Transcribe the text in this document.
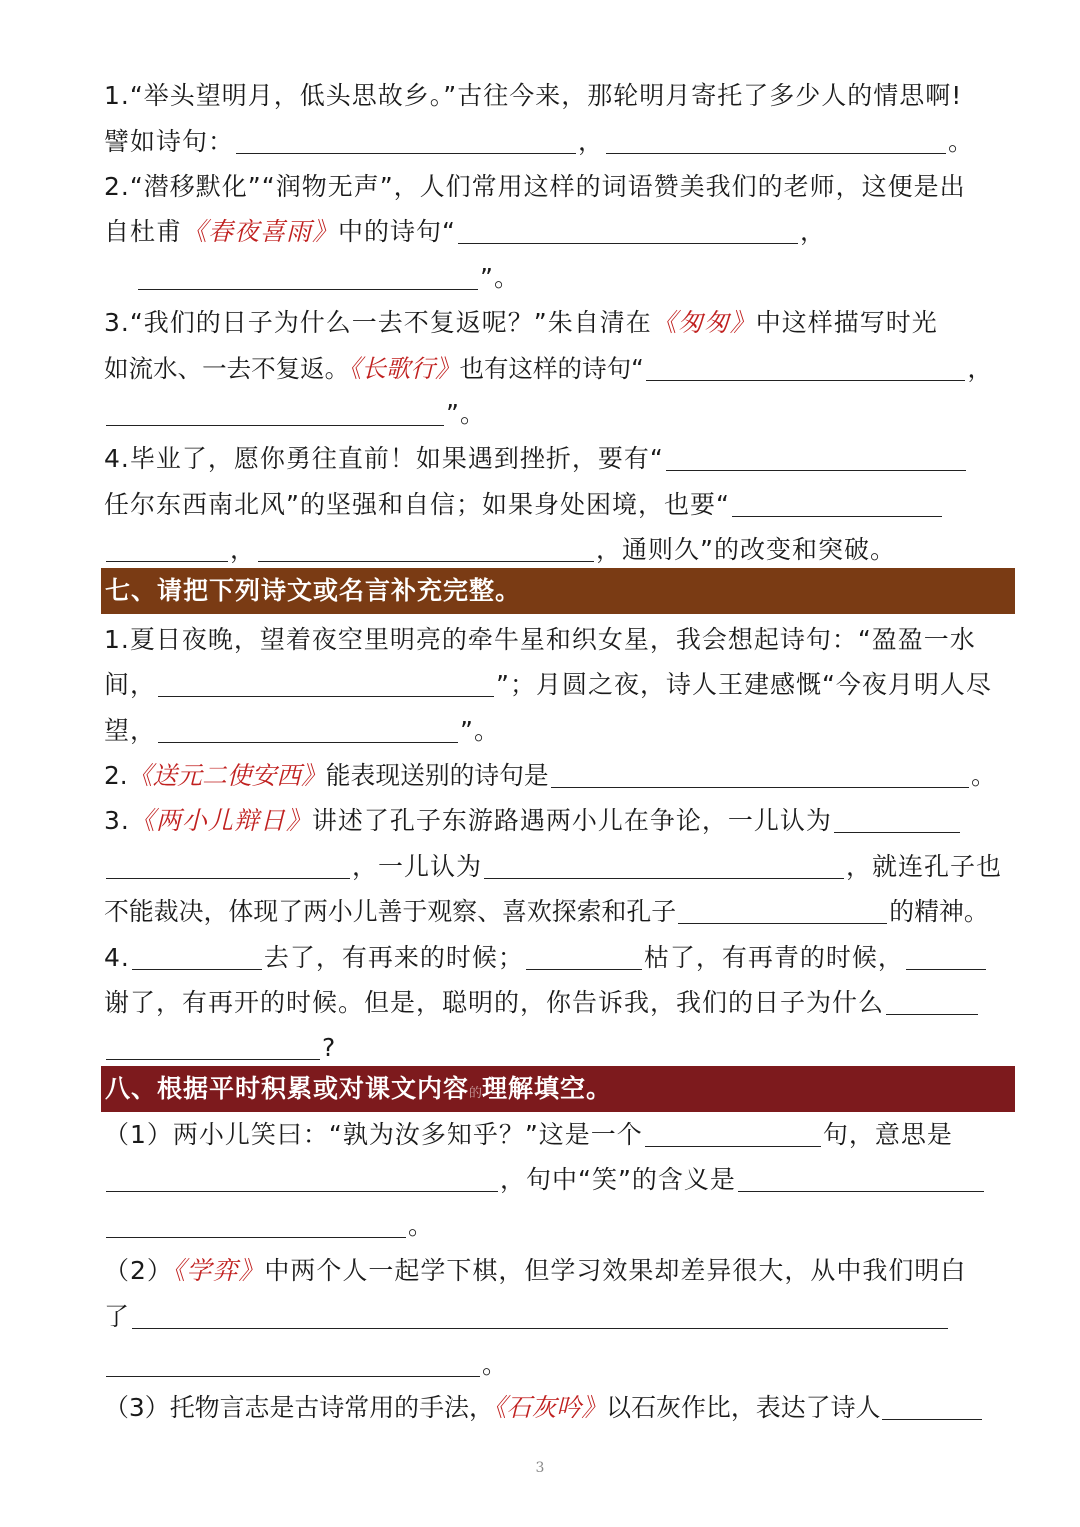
1.“举头望明月，低头思故乡。”古往今来，那轮明月寄托了多少人的情思啊!
譬如诗句：	，	。
2.“潜移默化”“润物无声”，人们常用这样的词语赞美我们的老师，这便是出
自杜甫《春夜喜雨》中的诗句“	，
”。
3.“我们的日子为什么一去不复返呢？”朱自清在《匆匆》中这样描写时光
如流水、一去不复返。《长歌行》也有这样的诗句“	，
”。
4.毕业了，愿你勇往直前！如果遇到挫折，要有“
任尔东西南北风”的坚强和自信；如果身处困境，也要“
，	，通则久”的改变和突破。
七、请把下列诗文或名言补充完整。
1.夏日夜晚，望着夜空里明亮的牵牛星和织女星，我会想起诗句：“盈盈一水
间，	”；月圆之夜，诗人王建感慨“今夜月明人尽
望，	”。
2.《送元二使安西》能表现送别的诗句是	。
3.《两小儿辩日》讲述了孔子东游路遇两小儿在争论，一儿认为
，一儿认为	，就连孔子也
不能裁决，体现了两小儿善于观察、喜欢探索和孔子	的精神。
4.	去了，有再来的时候；	枯了，有再青的时候，
谢了，有再开的时候。但是，聪明的，你告诉我，我们的日子为什么
?
八、根据平时积累或对课文内容的理解填空。
（1）两小儿笑曰：“孰为汝多知乎？”这是一个	句，意思是
，句中“笑”的含义是
。
（2）《学弈》中两个人一起学下棋，但学习效果却差异很大，从中我们明白
了
。
（3）托物言志是古诗常用的手法，《石灰吟》以石灰作比，表达了诗人
3
